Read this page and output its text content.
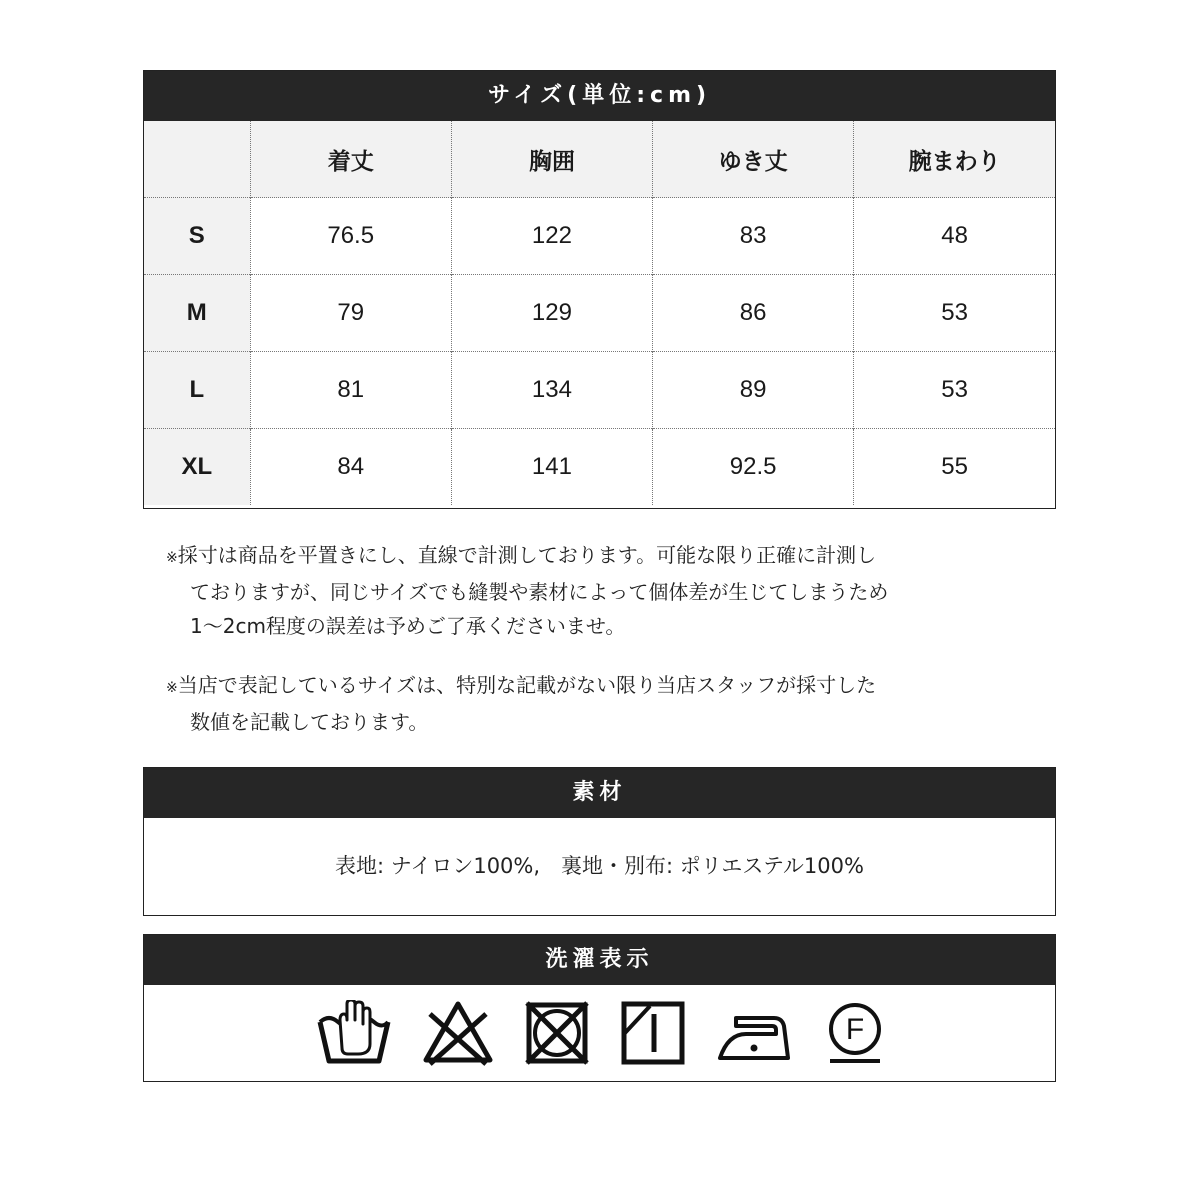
サイズ(単位:cm)
	着丈	胸囲	ゆき丈	腕まわり
S	76.5	122	83	48
M	79	129	86	53
L	81	134	89	53
XL	84	141	92.5	55
※採寸は商品を平置きにし、直線で計測しております。可能な限り正確に計測し
ておりますが、同じサイズでも縫製や素材によって個体差が生じてしまうため
1〜2cm程度の誤差は予めご了承くださいませ。
※当店で表記しているサイズは、特別な記載がない限り当店スタッフが採寸した
数値を記載しております。
素材
表地: ナイロン100%,　裏地・別布: ポリエステル100%
洗濯表示
F
